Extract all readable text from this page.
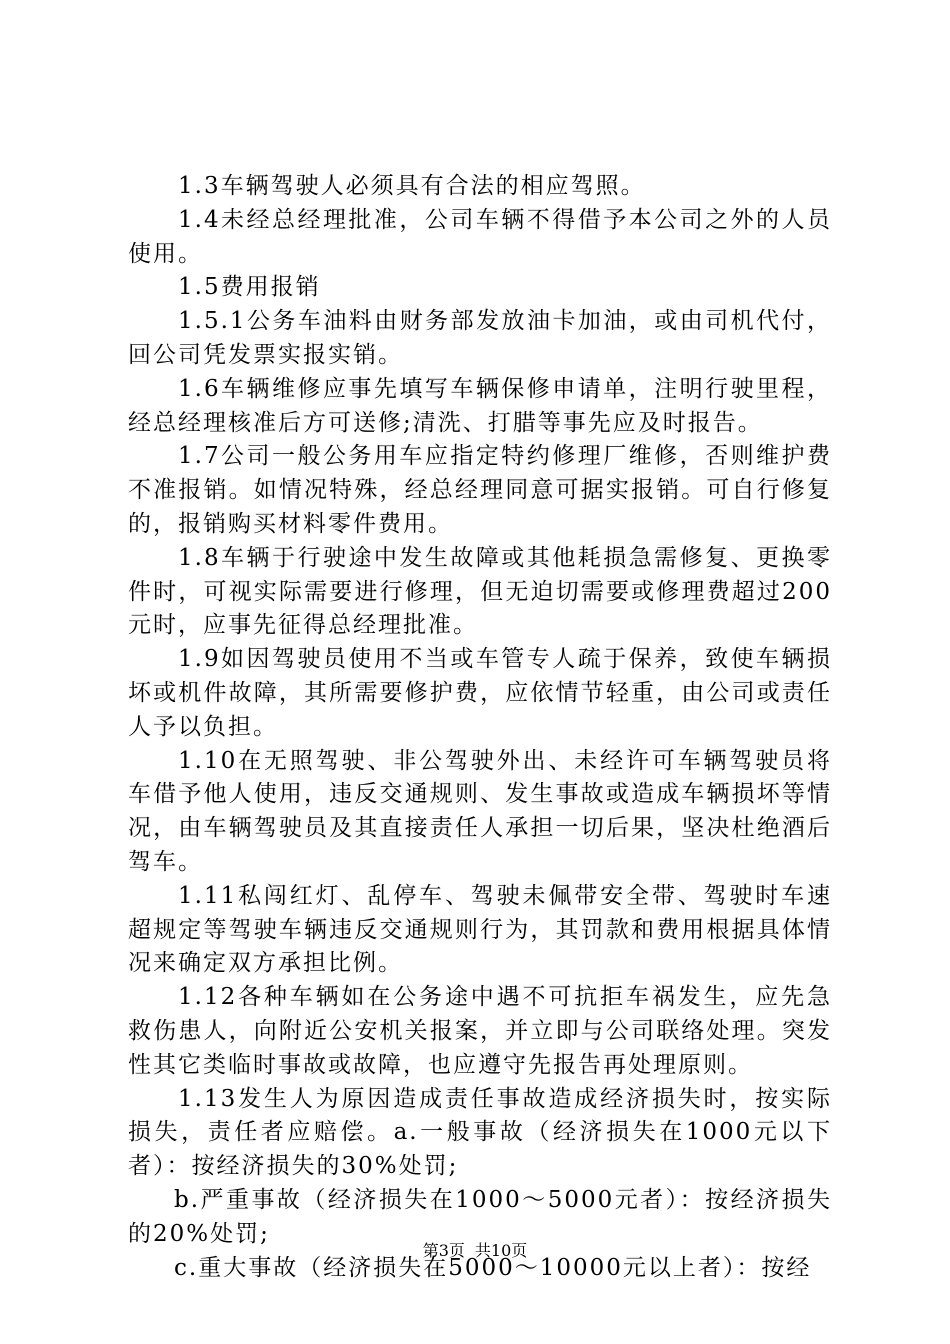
1.3车辆驾驶人必须具有合法的相应驾照。

1.4未经总经理批准，公司车辆不得借予本公司之外的人员使用。

1.5费用报销

1.5.1公务车油料由财务部发放油卡加油，或由司机代付，回公司凭发票实报实销。

1.6车辆维修应事先填写车辆保修申请单，注明行驶里程，经总经理核准后方可送修;清洗、打腊等事先应及时报告。

1.7公司一般公务用车应指定特约修理厂维修，否则维护费不准报销。如情况特殊，经总经理同意可据实报销。可自行修复的，报销购买材料零件费用。

1.8车辆于行驶途中发生故障或其他耗损急需修复、更换零件时，可视实际需要进行修理，但无迫切需要或修理费超过200元时，应事先征得总经理批准。

1.9如因驾驶员使用不当或车管专人疏于保养，致使车辆损坏或机件故障，其所需要修护费，应依情节轻重，由公司或责任人予以负担。

1.10在无照驾驶、非公驾驶外出、未经许可车辆驾驶员将车借予他人使用，违反交通规则、发生事故或造成车辆损坏等情况，由车辆驾驶员及其直接责任人承担一切后果，坚决杜绝酒后驾车。

1.11私闯红灯、乱停车、驾驶未佩带安全带、驾驶时车速超规定等驾驶车辆违反交通规则行为，其罚款和费用根据具体情况来确定双方承担比例。

1.12各种车辆如在公务途中遇不可抗拒车祸发生，应先急救伤患人，向附近公安机关报案，并立即与公司联络处理。突发性其它类临时事故或故障，也应遵守先报告再处理原则。

1.13发生人为原因造成责任事故造成经济损失时，按实际损失，责任者应赔偿。a.一般事故（经济损失在1000元以下者）：按经济损失的30%处罚;

b.严重事故（经济损失在1000～5000元者）：按经济损失的20%处罚;

c.重大事故（经济损失在5000～10000元以上者）：按经

第3页 共10页
